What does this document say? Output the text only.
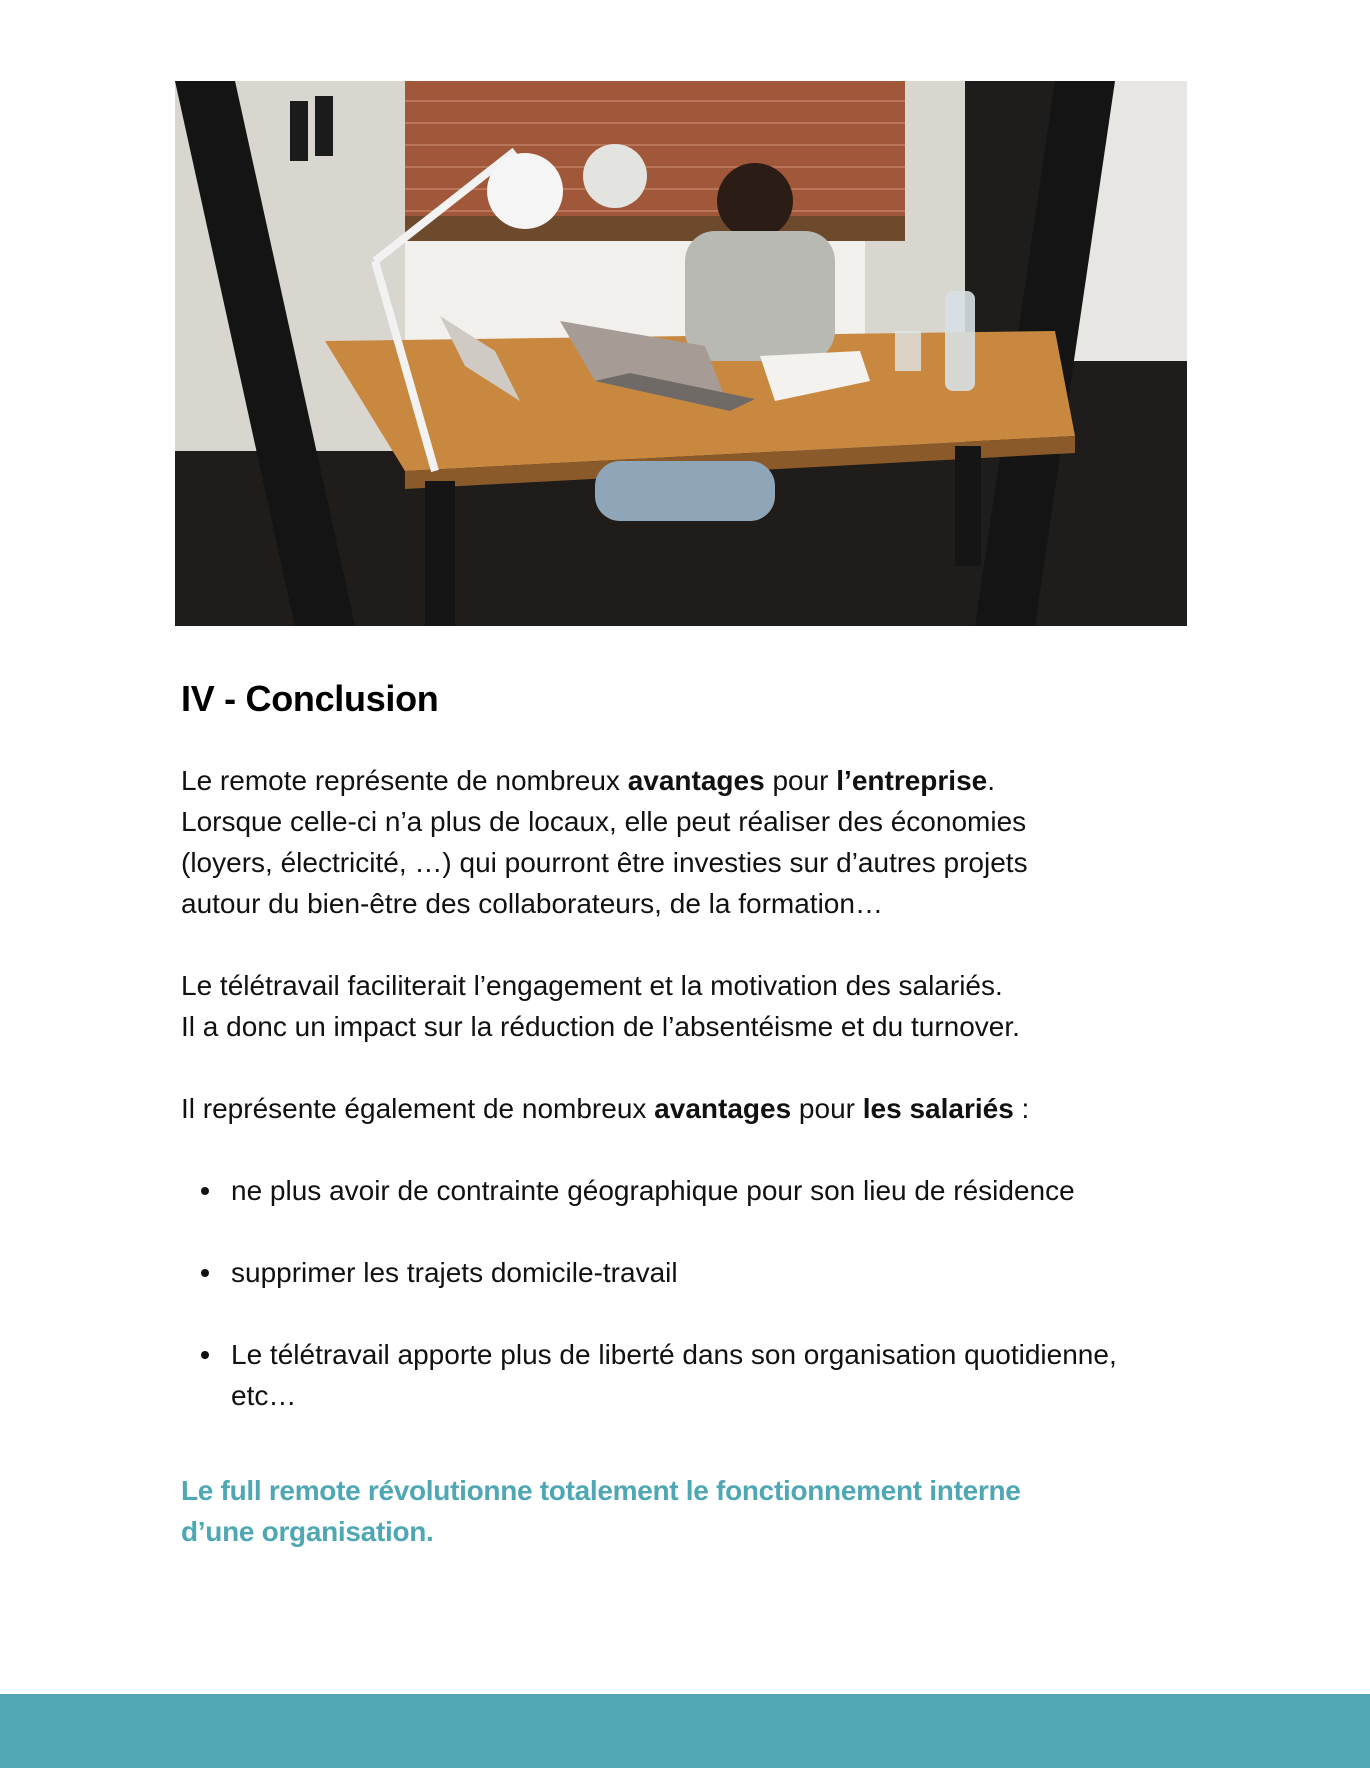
IV - Conclusion
Le remote représente de nombreux avantages pour l’entreprise.
Lorsque celle-ci n’a plus de locaux, elle peut réaliser des économies
(loyers, électricité, …) qui pourront être investies sur d’autres projets
autour du bien-être des collaborateurs, de la formation…
Le télétravail faciliterait l’engagement et la motivation des salariés.
Il a donc un impact sur la réduction de l’absentéisme et du turnover.
Il représente également de nombreux avantages pour les salariés :
ne plus avoir de contrainte géographique pour son lieu de résidence
supprimer les trajets domicile-travail
Le télétravail apporte plus de liberté dans son organisation quotidienne, etc…
Le full remote révolutionne totalement le fonctionnement interne
d’une organisation.
